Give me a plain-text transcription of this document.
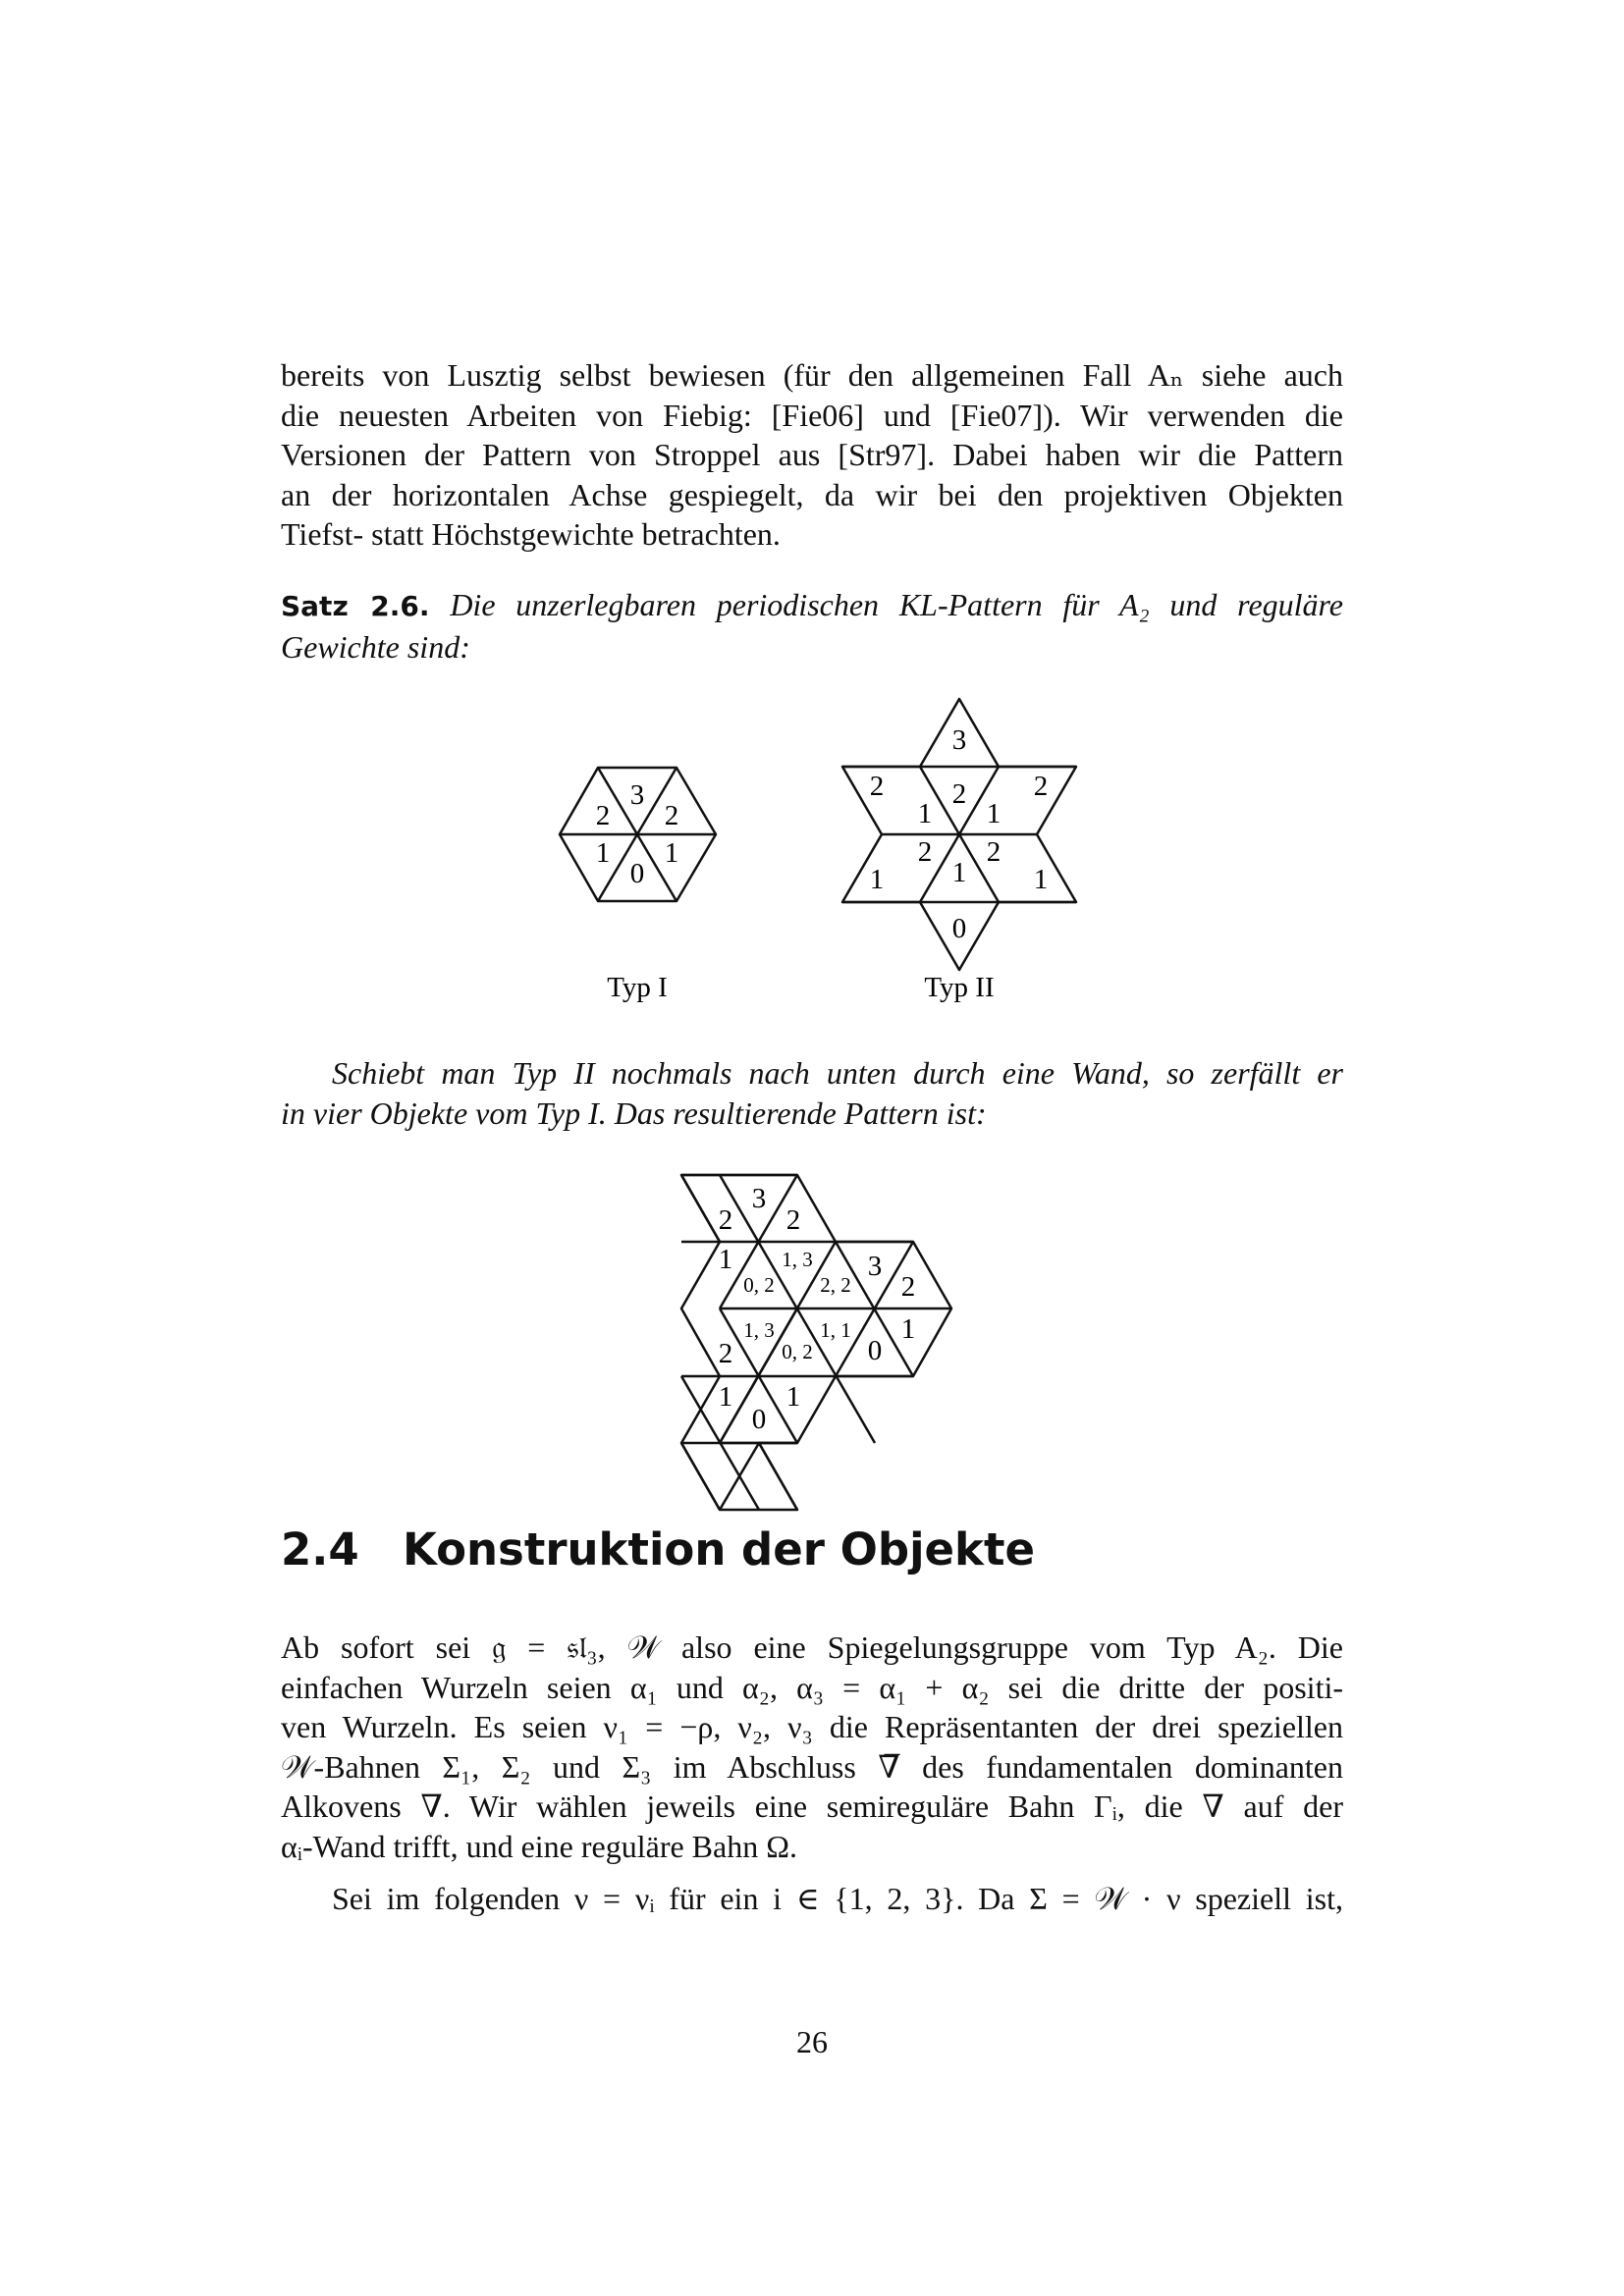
bereits von Lusztig selbst bewiesen (für den allgemeinen Fall Aₙ siehe auch
die neuesten Arbeiten von Fiebig: [Fie06] und [Fie07]). Wir verwenden die
Versionen der Pattern von Stroppel aus [Str97]. Dabei haben wir die Pattern
an der horizontalen Achse gespiegelt, da wir bei den projektiven Objekten
Tiefst- statt Höchstgewichte betrachten.
Satz 2.6. Die unzerlegbaren periodischen KL-Pattern für A₂ und reguläre
Gewichte sind:
3
2 2
1 1
0
Typ I
3
2 2 2
1 1
2 2
1 1 1
0
Typ II
Schiebt man Typ II nochmals nach unten durch eine Wand, so zerfällt er
in vier Objekte vom Typ I. Das resultierende Pattern ist:
3
2 2
1
0, 2
1, 3
2, 2
3
2
1, 3
0, 2
1, 1
0
1
2
1 1
0
2.4 Konstruktion der Objekte
Ab sofort sei 𝔤 = 𝔰𝔩₃, 𝒲 also eine Spiegelungsgruppe vom Typ A₂. Die
einfachen Wurzeln seien α₁ und α₂, α₃ = α₁ + α₂ sei die dritte der positi-
ven Wurzeln. Es seien ν₁ = −ρ, ν₂, ν₃ die Repräsentanten der drei speziellen
𝒲-Bahnen Σ₁, Σ₂ und Σ₃ im Abschluss ∇̅ des fundamentalen dominanten
Alkovens ∇. Wir wählen jeweils eine semireguläre Bahn Γᵢ, die ∇ auf der
αᵢ-Wand trifft, und eine reguläre Bahn Ω.
Sei im folgenden ν = νᵢ für ein i ∈ {1, 2, 3}. Da Σ = 𝒲 · ν speziell ist,
26
